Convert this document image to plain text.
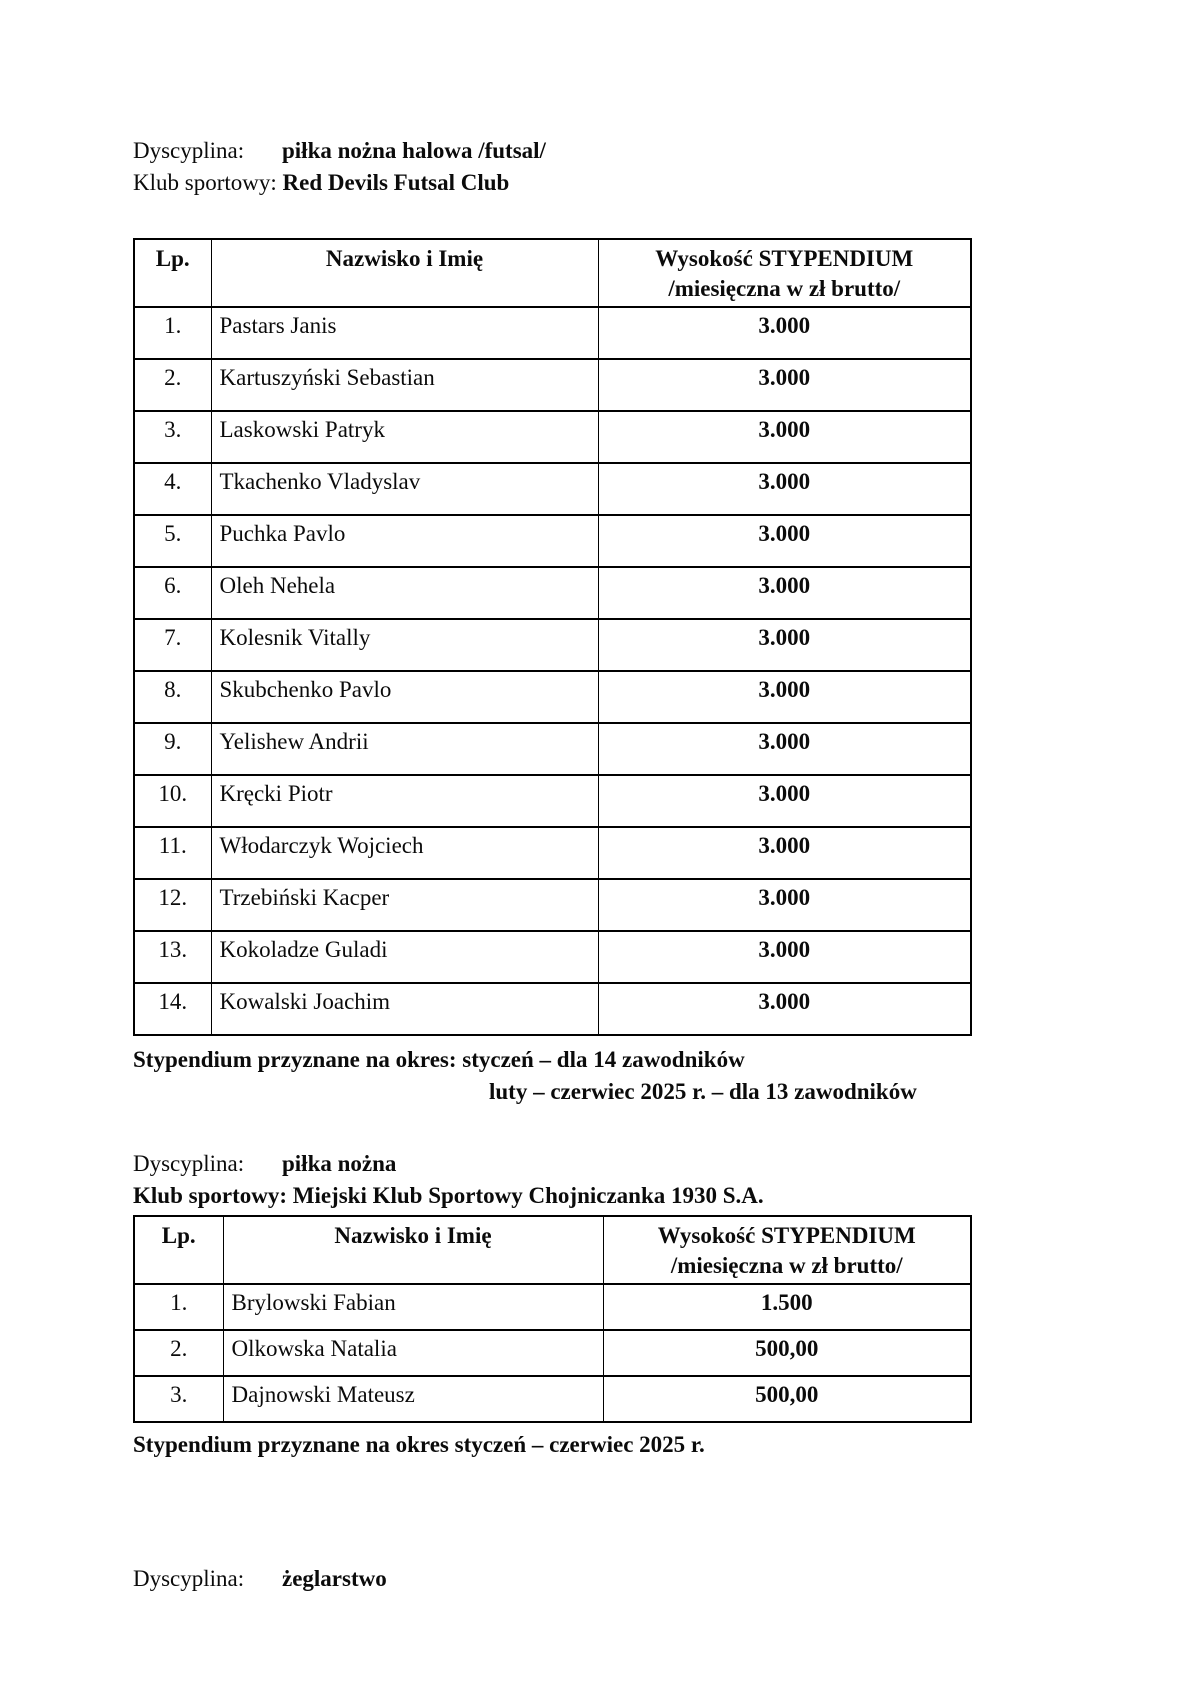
Dyscyplina: piłka nożna halowa /futsal/
Klub sportowy: Red Devils Futsal Club
Lp.	Nazwisko i Imię	Wysokość STYPENDIUM
/miesięczna w zł brutto/

1.	Pastars Janis	3.000
2.	Kartuszyński Sebastian	3.000
3.	Laskowski Patryk	3.000
4.	Tkachenko Vladyslav	3.000
5.	Puchka Pavlo	3.000
6.	Oleh Nehela	3.000
7.	Kolesnik Vitally	3.000
8.	Skubchenko Pavlo	3.000
9.	Yelishew Andrii	3.000
10.	Kręcki Piotr	3.000
11.	Włodarczyk Wojciech	3.000
12.	Trzebiński Kacper	3.000
13.	Kokoladze Guladi	3.000
14.	Kowalski Joachim	3.000
Stypendium przyznane na okres: styczeń – dla 14 zawodników
luty – czerwiec 2025 r. – dla 13 zawodników
Dyscyplina: piłka nożna
Klub sportowy: Miejski Klub Sportowy Chojniczanka 1930 S.A.
Lp.	Nazwisko i Imię	Wysokość STYPENDIUM
/miesięczna w zł brutto/

1.	Brylowski Fabian	1.500
2.	Olkowska Natalia	500,00
3.	Dajnowski Mateusz	500,00
Stypendium przyznane na okres styczeń – czerwiec 2025 r.
Dyscyplina: żeglarstwo
